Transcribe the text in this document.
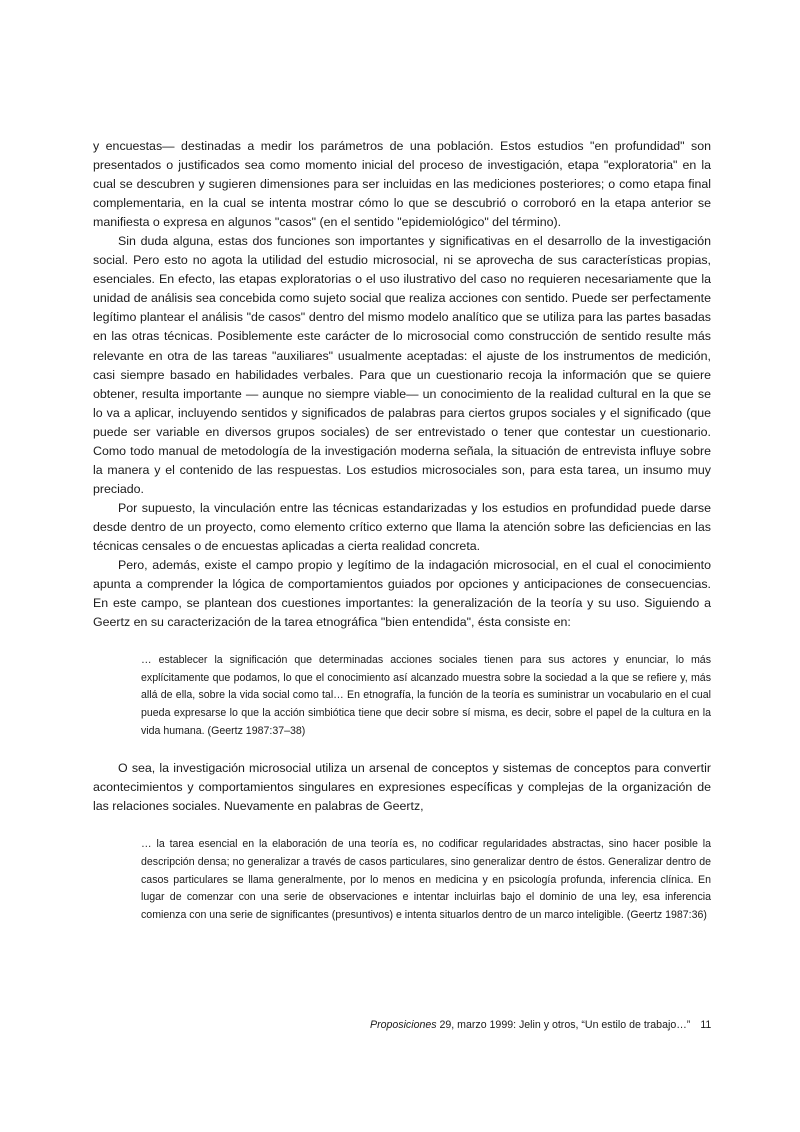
y encuestas— destinadas a medir los parámetros de una población. Estos estudios "en profundidad" son presentados o justificados sea como momento inicial del proceso de investigación, etapa "exploratoria" en la cual se descubren y sugieren dimensiones para ser incluidas en las mediciones posteriores; o como etapa final complementaria, en la cual se intenta mostrar cómo lo que se descubrió o corroboró en la etapa anterior se manifiesta o expresa en algunos "casos" (en el sentido "epidemiológico" del término).

Sin duda alguna, estas dos funciones son importantes y significativas en el desarrollo de la investigación social. Pero esto no agota la utilidad del estudio microsocial, ni se aprovecha de sus características propias, esenciales. En efecto, las etapas exploratorias o el uso ilustrativo del caso no requieren necesariamente que la unidad de análisis sea concebida como sujeto social que realiza acciones con sentido. Puede ser perfectamente legítimo plantear el análisis "de casos" dentro del mismo modelo analítico que se utiliza para las partes basadas en las otras técnicas. Posiblemente este carácter de lo microsocial como construcción de sentido resulte más relevante en otra de las tareas "auxiliares" usualmente aceptadas: el ajuste de los instrumentos de medición, casi siempre basado en habilidades verbales. Para que un cuestionario recoja la información que se quiere obtener, resulta importante — aunque no siempre viable— un conocimiento de la realidad cultural en la que se lo va a aplicar, incluyendo sentidos y significados de palabras para ciertos grupos sociales y el significado (que puede ser variable en diversos grupos sociales) de ser entrevistado o tener que contestar un cuestionario. Como todo manual de metodología de la investigación moderna señala, la situación de entrevista influye sobre la manera y el contenido de las respuestas. Los estudios microsociales son, para esta tarea, un insumo muy preciado.

Por supuesto, la vinculación entre las técnicas estandarizadas y los estudios en profundidad puede darse desde dentro de un proyecto, como elemento crítico externo que llama la atención sobre las deficiencias en las técnicas censales o de encuestas aplicadas a cierta realidad concreta.

Pero, además, existe el campo propio y legítimo de la indagación microsocial, en el cual el conocimiento apunta a comprender la lógica de comportamientos guiados por opciones y anticipaciones de consecuencias. En este campo, se plantean dos cuestiones importantes: la generalización de la teoría y su uso. Siguiendo a Geertz en su caracterización de la tarea etnográfica "bien entendida", ésta consiste en:

… establecer la significación que determinadas acciones sociales tienen para sus actores y enunciar, lo más explícitamente que podamos, lo que el conocimiento así alcanzado muestra sobre la sociedad a la que se refiere y, más allá de ella, sobre la vida social como tal… En etnografía, la función de la teoría es suministrar un vocabulario en el cual pueda expresarse lo que la acción simbiótica tiene que decir sobre sí misma, es decir, sobre el papel de la cultura en la vida humana. (Geertz 1987:37–38)

O sea, la investigación microsocial utiliza un arsenal de conceptos y sistemas de conceptos para convertir acontecimientos y comportamientos singulares en expresiones específicas y complejas de la organización de las relaciones sociales. Nuevamente en palabras de Geertz,

… la tarea esencial en la elaboración de una teoría es, no codificar regularidades abstractas, sino hacer posible la descripción densa; no generalizar a través de casos particulares, sino generalizar dentro de éstos. Generalizar dentro de casos particulares se llama generalmente, por lo menos en medicina y en psicología profunda, inferencia clínica. En lugar de comenzar con una serie de observaciones e intentar incluirlas bajo el dominio de una ley, esa inferencia comienza con una serie de significantes (presuntivos) e intenta situarlos dentro de un marco inteligible. (Geertz 1987:36)

Proposiciones 29, marzo 1999: Jelin y otros, “Un estilo de trabajo…” 11
